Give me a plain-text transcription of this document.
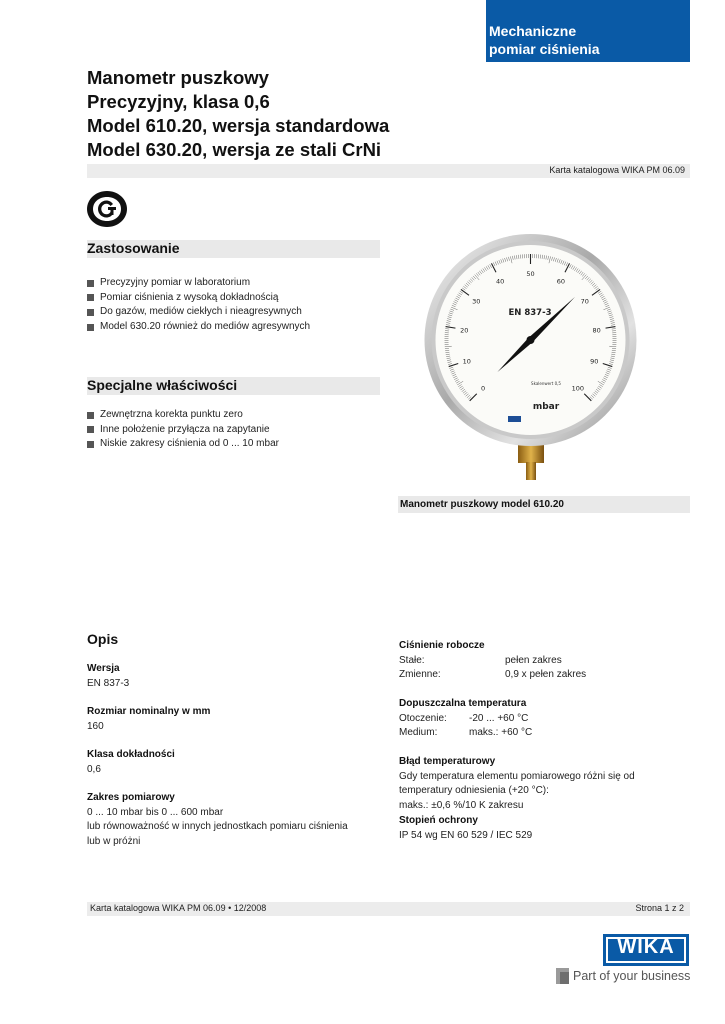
Mechaniczne
pomiar ciśnienia
Manometr puszkowy
Precyzyjny, klasa 0,6
Model 610.20, wersja standardowa
Model 630.20, wersja ze stali CrNi
Karta katalogowa WIKA PM 06.09
Zastosowanie
Precyzyjny pomiar w laboratorium
Pomiar ciśnienia z wysoką dokładnością
Do gazów, mediów ciekłych i nieagresywnych
Model 630.20 również do mediów agresywnych
Specjalne właściwości
Zewnętrzna korekta punktu zero
Inne położenie przyłącza na zapytanie
Niskie zakresy ciśnienia od 0 ... 10 mbar
0
10
20
30
40
50
60
70
80
90
100
EN 837-3
mbar
Skalenwert 0,5
Manometr puszkowy model 610.20
Opis
Wersja
EN 837-3
Rozmiar nominalny w mm
160
Klasa dokładności
0,6
Zakres pomiarowy
0 ... 10 mbar bis 0 ... 600 mbar
lub równoważność w innych jednostkach pomiaru ciśnienia
lub w próżni
Ciśnienie robocze
Stałe:	pełen zakres
Zmienne:	0,9 x pełen zakres
Dopuszczalna temperatura
Otoczenie: -20 ... +60 °C
Medium:	maks.: +60 °C
Błąd temperaturowy
Gdy temperatura elementu pomiarowego różni się od
temperatury odniesienia (+20 °C):
maks.: ±0,6 %/10 K zakresu
Stopień ochrony
IP 54 wg EN 60 529 / IEC 529
Karta katalogowa WIKA PM 06.09 • 12/2008	Strona 1 z 2
WIKA
Part of your business
